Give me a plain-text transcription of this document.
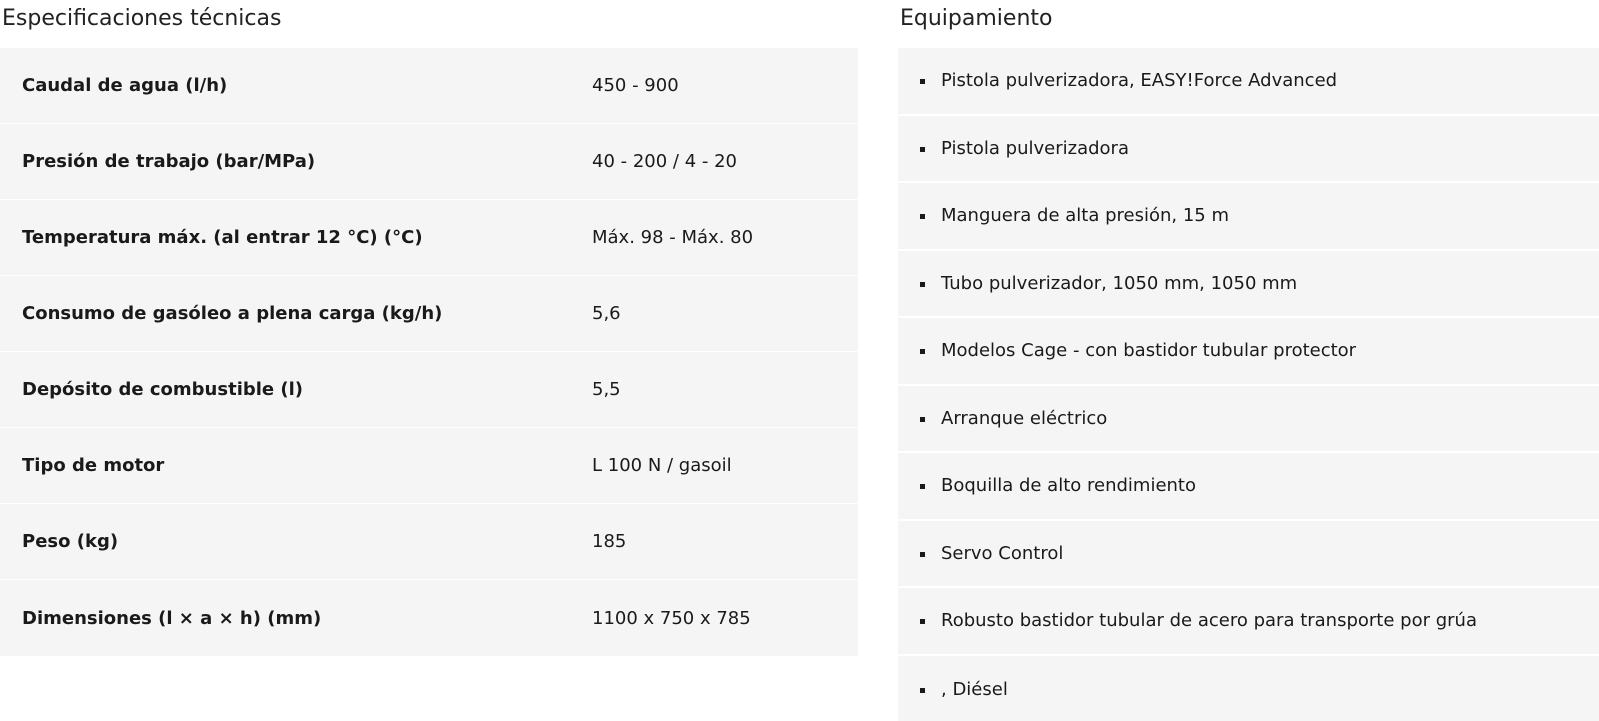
Especificaciones técnicas
Caudal de agua (l/h)	450 - 900
Presión de trabajo (bar/MPa)	40 - 200 / 4 - 20
Temperatura máx. (al entrar 12 °C) (°C)	Máx. 98 - Máx. 80
Consumo de gasóleo a plena carga (kg/h)	5,6
Depósito de combustible (l)	5,5
Tipo de motor	L 100 N / gasoil
Peso (kg)	185
Dimensiones (l × a × h) (mm)	1100 x 750 x 785
Equipamiento
Pistola pulverizadora, EASY!Force Advanced
Pistola pulverizadora
Manguera de alta presión, 15 m
Tubo pulverizador, 1050 mm, 1050 mm
Modelos Cage - con bastidor tubular protector
Arranque eléctrico
Boquilla de alto rendimiento
Servo Control
Robusto bastidor tubular de acero para transporte por grúa
, Diésel
